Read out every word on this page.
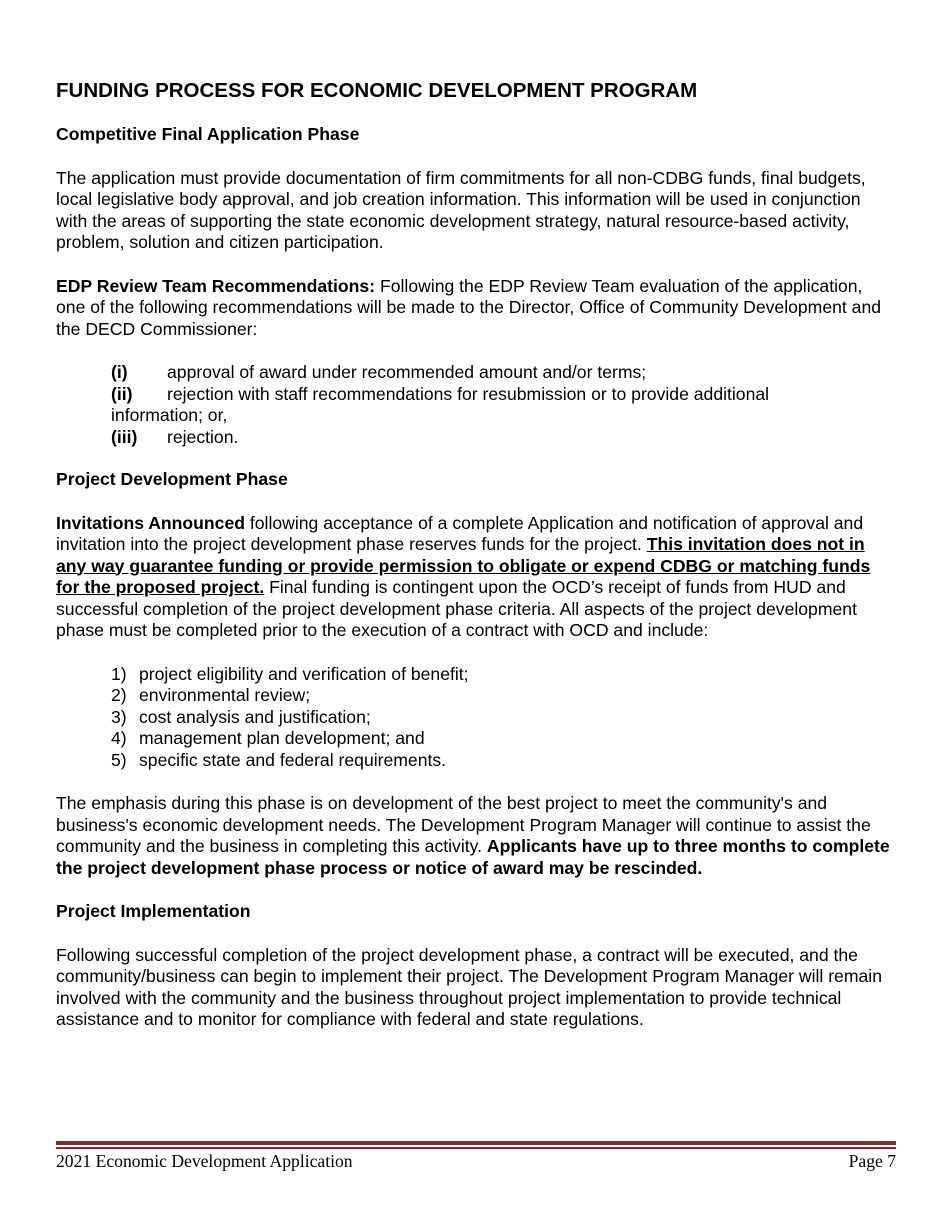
FUNDING PROCESS FOR ECONOMIC DEVELOPMENT PROGRAM
Competitive Final Application Phase

The application must provide documentation of firm commitments for all non-CDBG funds, final budgets, local legislative body approval, and job creation information. This information will be used in conjunction with the areas of supporting the state economic development strategy, natural resource-based activity, problem, solution and citizen participation.

EDP Review Team Recommendations: Following the EDP Review Team evaluation of the application, one of the following recommendations will be made to the Director, Office of Community Development and the DECD Commissioner:

(i) approval of award under recommended amount and/or terms;
(ii) rejection with staff recommendations for resubmission or to provide additional
information; or,
(iii) rejection.
Project Development Phase

Invitations Announced following acceptance of a complete Application and notification of approval and invitation into the project development phase reserves funds for the project. This invitation does not in any way guarantee funding or provide permission to obligate or expend CDBG or matching funds for the proposed project. Final funding is contingent upon the OCD’s receipt of funds from HUD and successful completion of the project development phase criteria. All aspects of the project development phase must be completed prior to the execution of a contract with OCD and include:

1) project eligibility and verification of benefit;
2) environmental review;
3) cost analysis and justification;
4) management plan development; and
5) specific state and federal requirements.

The emphasis during this phase is on development of the best project to meet the community's and business's economic development needs. The Development Program Manager will continue to assist the community and the business in completing this activity. Applicants have up to three months to complete the project development phase process or notice of award may be rescinded.

Project Implementation

Following successful completion of the project development phase, a contract will be executed, and the community/business can begin to implement their project. The Development Program Manager will remain involved with the community and the business throughout project implementation to provide technical assistance and to monitor for compliance with federal and state regulations.

2021 Economic Development Application	Page 7
